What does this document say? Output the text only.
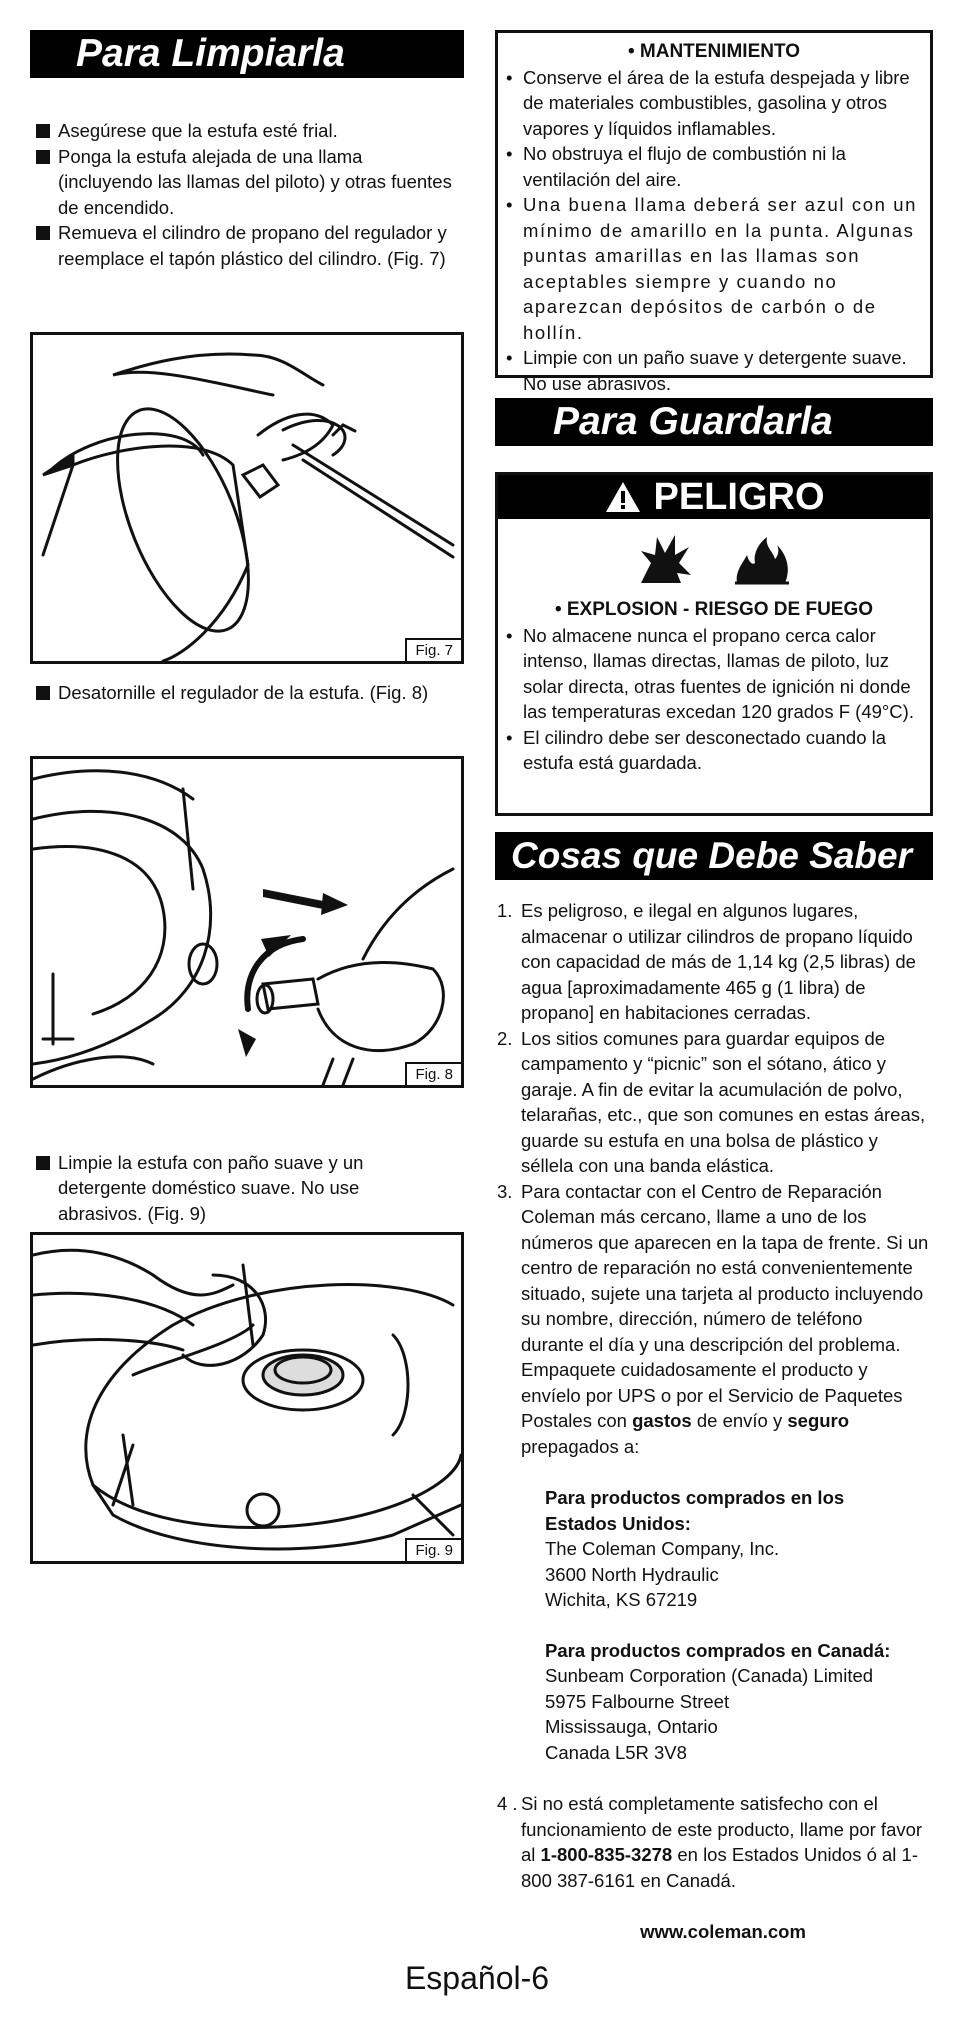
Para Limpiarla
Asegúrese que la estufa esté frial.
Ponga la estufa alejada de una llama (incluyendo las llamas del piloto) y otras fuentes de encendido.
Remueva el cilindro de propano del regulador y reemplace el tapón plástico del cilindro. (Fig. 7)
Fig. 7
Desatornille el regulador de la estufa. (Fig. 8)
Fig. 8
Limpie la estufa con paño suave y un detergente doméstico suave. No use abrasivos. (Fig. 9)
Fig. 9
• MANTENIMIENTO
• Conserve el área de la estufa despejada y libre de materiales combustibles, gasolina y otros vapores y líquidos inflamables.
• No obstruya el flujo de combustión ni la ventilación del aire.
• Una buena llama deberá ser azul con un mínimo de amarillo en la punta. Algunas puntas amarillas en las llamas son aceptables siempre y cuando no aparezcan depósitos de carbón o de hollín.
• Limpie con un paño suave y detergente suave. No use abrasivos.
Para Guardarla
PELIGRO
• EXPLOSION - RIESGO DE FUEGO
• No almacene nunca el propano cerca calor intenso, llamas directas, llamas de piloto, luz solar directa, otras fuentes de ignición ni donde las temperaturas excedan 120 grados F (49°C).
• El cilindro debe ser desconectado cuando la estufa está guardada.
Cosas que Debe Saber
1. Es peligroso, e ilegal en algunos lugares, almacenar o utilizar cilindros de propano líquido con capacidad de más de 1,14 kg (2,5 libras) de agua [aproximadamente 465 g (1 libra) de propano] en habitaciones cerradas.
2. Los sitios comunes para guardar equipos de campamento y “picnic” son el sótano, ático y garaje. A fin de evitar la acumulación de polvo, telarañas, etc., que son comunes en estas áreas, guarde su estufa en una bolsa de plástico y séllela con una banda elástica.
3. Para contactar con el Centro de Reparación Coleman más cercano, llame a uno de los números que aparecen en la tapa de frente. Si un centro de reparación no está convenientemente situado, sujete una tarjeta al producto incluyendo su nombre, dirección, número de teléfono durante el día y una descripción del problema. Empaquete cuidadosamente el producto y envíelo por UPS o por el Servicio de Paquetes Postales con gastos de envío y seguro prepagados a:
Para productos comprados en los Estados Unidos:
The Coleman Company, Inc.
3600 North Hydraulic
Wichita, KS 67219
Para productos comprados en Canadá:
Sunbeam Corporation (Canada) Limited
5975 Falbourne Street
Mississauga, Ontario
Canada L5R 3V8
4 . Si no está completamente satisfecho con el funcionamiento de este producto, llame por favor al 1-800-835-3278 en los Estados Unidos ó al 1-800 387-6161 en Canadá.
www.coleman.com
Español-6
